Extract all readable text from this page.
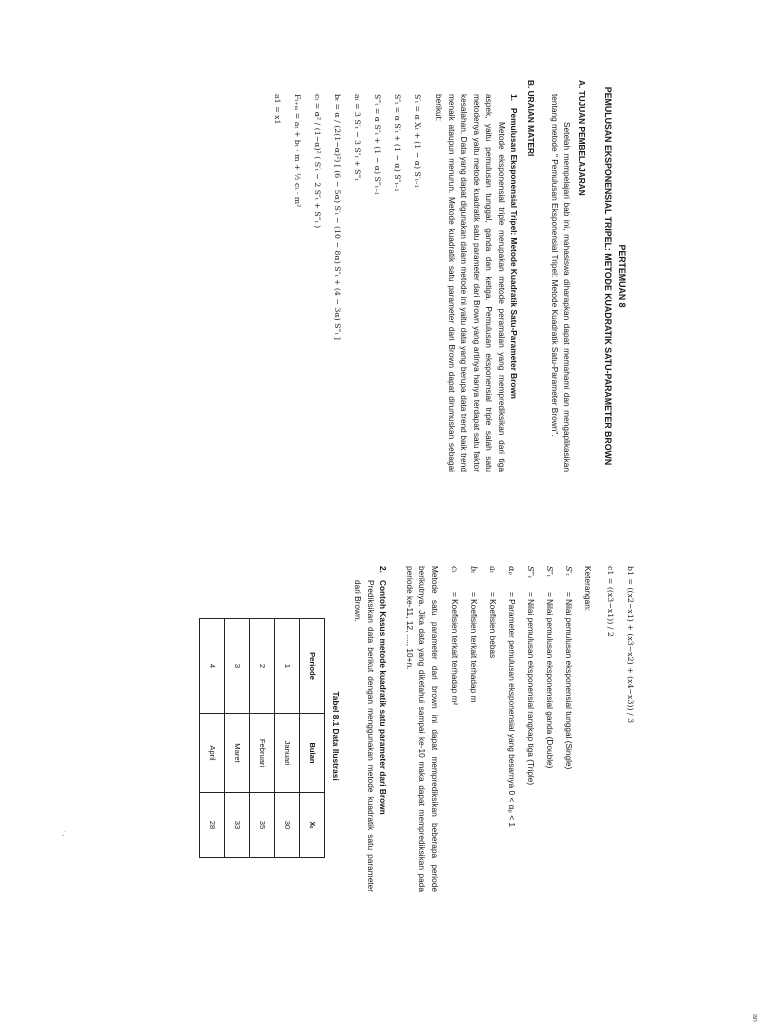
PERTEMUAN 8
PEMULUSAN EKSPONENSIAL TRIPEL: METODE KUADRATIK SATU-PARAMETER BROWN
A. TUJUAN PEMBELAJARAN

Setelah mempelajari bab ini, mahasiswa diharapkan dapat memahami dan mengaplikasikan tentang metode " Pemulusan Eksponensial Tripel: Metode Kuadratik Satu-Parameter Brown".

B. URAIAN MATERI
1.Pemulusan Eksponensial Tripel: Metode Kuadratik Satu-Parameter Brown

Metode eksponensial triple merupakan metode peramalan yang memprediksikan dari tiga aspek, yaitu pemulusan tunggal, ganda dan ketiga. Pemulusan eksponensial triple salah satu metodenya yaitu metode kuadratik satu parameter dari Brown yang artinya hanya terdapat satu faktor kesalahan. Data yang dapat digunakan dalam metode ini yaitu data yang berupa data trend baik trend menaik ataupun menurun. Metode kuadratik satu parameter dari Brown dapat dirumuskan sebagai berikut:

S′ₜ = α Xₜ + (1 − α) S′ₜ₋₁
S″ₜ = α S′ₜ + (1 − α) S″ₜ₋₁
S‴ₜ = α S″ₜ + (1 − α) S‴ₜ₋₁
aₜ = 3 S′ₜ − 3 S″ₜ + S‴ₜ
bₜ = α / (2(1−α)²) [ (6 − 5α) S′ₜ − (10 − 8α) S″ₜ + (4 − 3α) S‴ₜ ]
cₜ = α² / (1−α)² ( S′ₜ − 2 S″ₜ + S‴ₜ )
Fₜ₊ₘ = aₜ + bₜ · m + ½ cₜ · m²
a1 = x1
b1 = ((x2−x1) + (x3−x2) + (x4−x3)) / 3
c1 = ((x3−x1)) / 2
Keterangan:
S′ₜ
= Nilai pemulusan eksponensial tunggal (Single)
S″ₜ
= Nilai pemulusan eksponensial ganda (Double)
S‴ₜ
= Nilai pemulusan eksponensial rangkap tiga (Triple)
αₚ
= Parameter pemulusan eksponensial yang besarnya 0 < αₚ < 1
aₜ
= Koefisien bebas
bₜ
= Koefisien terkait terhadap m
cₜ
= Koefisien terkait terhadap m²

Metode satu parameter dari brown ini dapat memprediksikan beberapa periode berikutnya. Jika data yang diketahui sampai ke-10 maka dapat memprediksikan pada periode ke-11, 12, ...., 10+n.

2.Contoh Kasus metode kuadratik satu parameter dari Brown

Prediksikan data berikut dengan menggunakan metode kuadratik satu parameter dari Brown.

Tabel 8.1 Data Ilustrasi
Periode	Bulan	Xₜ
1	Januari	30
2	Februari	35
3	Maret	33
4	April	28
an
· ,
